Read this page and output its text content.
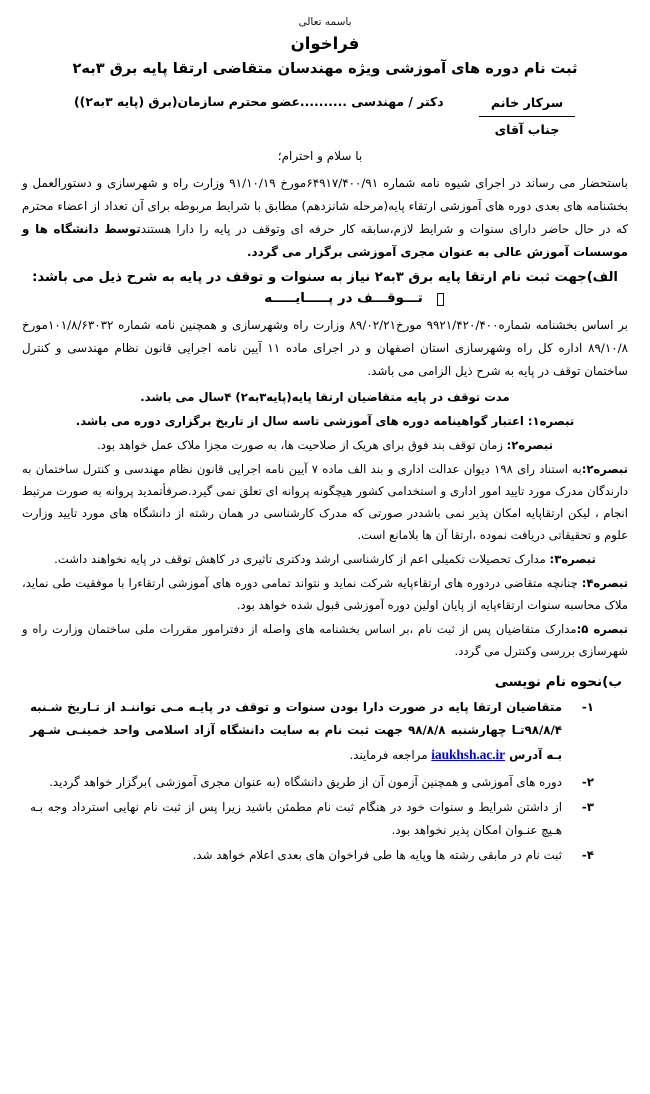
باسمه تعالی
فراخوان
ثبت نام دوره های آموزشی ویژه مهندسان متقاضی ارتقا پایه برق ۳به۲
سرکار خانم
جناب آقای
دکتر / مهندسی ..........عضو محترم سازمان(برق (پایه ۳به۲))
با سلام و احترام؛
باستحضار می رساند در اجرای شیوه نامه شماره ۶۴۹۱۷/۴۰۰/۹۱مورخ ۹۱/۱۰/۱۹ وزارت راه و شهرسازی و دستورالعمل و بخشنامه های بعدی دوره های آموزشی ارتقاء پایه(مرحله شانزدهم) مطابق با شرایط مربوطه برای آن تعداد از اعضاء محترم که در حال حاضر دارای سنوات و شرایط لازم،سابقه کار حرفه ای وتوقف در پایه را دارا هستندتوسط دانشگاه ها و موسسات آموزش عالی به عنوان مجری آموزشی برگزار می گردد.
الف)جهت ثبت نام ارتقا پایه برق ۳به۲ نیاز به سنوات و توقف در پایه به شرح ذیل می باشد:
تـــوقـــف در پـــــایـــــه
بر اساس بخشنامه شماره۹۹۲۱/۴۲۰/۴۰۰ مورخ۸۹/۰۲/۲۱ وزارت راه وشهرسازی و همچنین نامه شماره ۱۰۱/۸/۶۳۰۳۲مورخ ۸۹/۱۰/۸ اداره کل راه وشهرسازی استان اصفهان و در اجرای ماده ۱۱ آیین نامه اجرایی قانون نظام مهندسی و کنترل ساختمان توقف در پایه به شرح ذیل الزامی می باشد.
مدت توقف در پایه متقاضیان ارتقا پایه(پایه۳به۲) ۴سال می باشد.
تبصره۱: اعتبار گواهینامه دوره های آموزشی تاسه سال از تاریخ برگزاری دوره می باشد.
تبصره۲: زمان توقف بند فوق برای هریک از صلاحیت ها، به صورت مجزا ملاک عمل خواهد بود.
تبصره۲:به استناد رای ۱۹۸ دیوان عدالت اداری و بند الف ماده ۷ آیین نامه اجرایی قانون نظام مهندسی و کنترل ساختمان به دارندگان مدرک مورد تایید امور اداری و استخدامی کشور هیچگونه پروانه ای تعلق نمی گیرد.صرفأتمدید پروانه به صورت مرتبط انجام ، لیکن ارتقاپایه امکان پذیر نمی باشددر صورتی که مدرک کارشناسی در همان رشته از دانشگاه های مورد تایید وزارت علوم و تحقیقاتی دریافت نموده ،ارتقا آن ها بلامانع است.
تبصره۳: مدارک تحصیلات تکمیلی اعم از کارشناسی ارشد ودکتری تاثیری در کاهش توقف در پایه نخواهند داشت.
تبصره۴: چنانچه متقاضی دردوره های ارتقاءپایه شرکت نماید و نتواند تمامی دوره های آموزشی ارتقاءرا با موفقیت طی نماید، ملاک محاسبه سنوات ارتقاءپایه از پایان اولین دوره آموزشی قبول شده خواهد بود.
تبصره ۵:مدارک متقاضیان پس از ثبت نام ،بر اساس بخشنامه های واصله از دفترامور مقررات ملی ساختمان وزارت راه و شهرسازی بررسی وکنترل می گردد.
ب)نحوه نام نویسی
۱-
متقاضیان ارتقا پایه در صورت دارا بودن سنوات و توقف در پایـه مـی تواننـد از تـاریخ شـنبه ۹۸/۸/۴تـا چهارشنبه ۹۸/۸/۸ جهت ثبت نام به سایت دانشگاه آزاد اسلامی واحد خمینـی شـهر بـه آدرس iaukhsh.ac.ir مراجعه فرمایند.
۲-
دوره های آموزشی و همچنین آزمون آن از طریق دانشگاه (به عنوان مجری آموزشی )برگزار خواهد گردید.
۳-
از داشتن شرایط و سنوات خود در هنگام ثبت نام مطمئن باشید زیرا پس از ثبت نام نهایی استرداد وجه بـه هـیچ عنـوان امکان پذیر نخواهد بود.
۴-
ثبت نام در مابقی رشته ها وپایه ها طی فراخوان های بعدی اعلام خواهد شد.
